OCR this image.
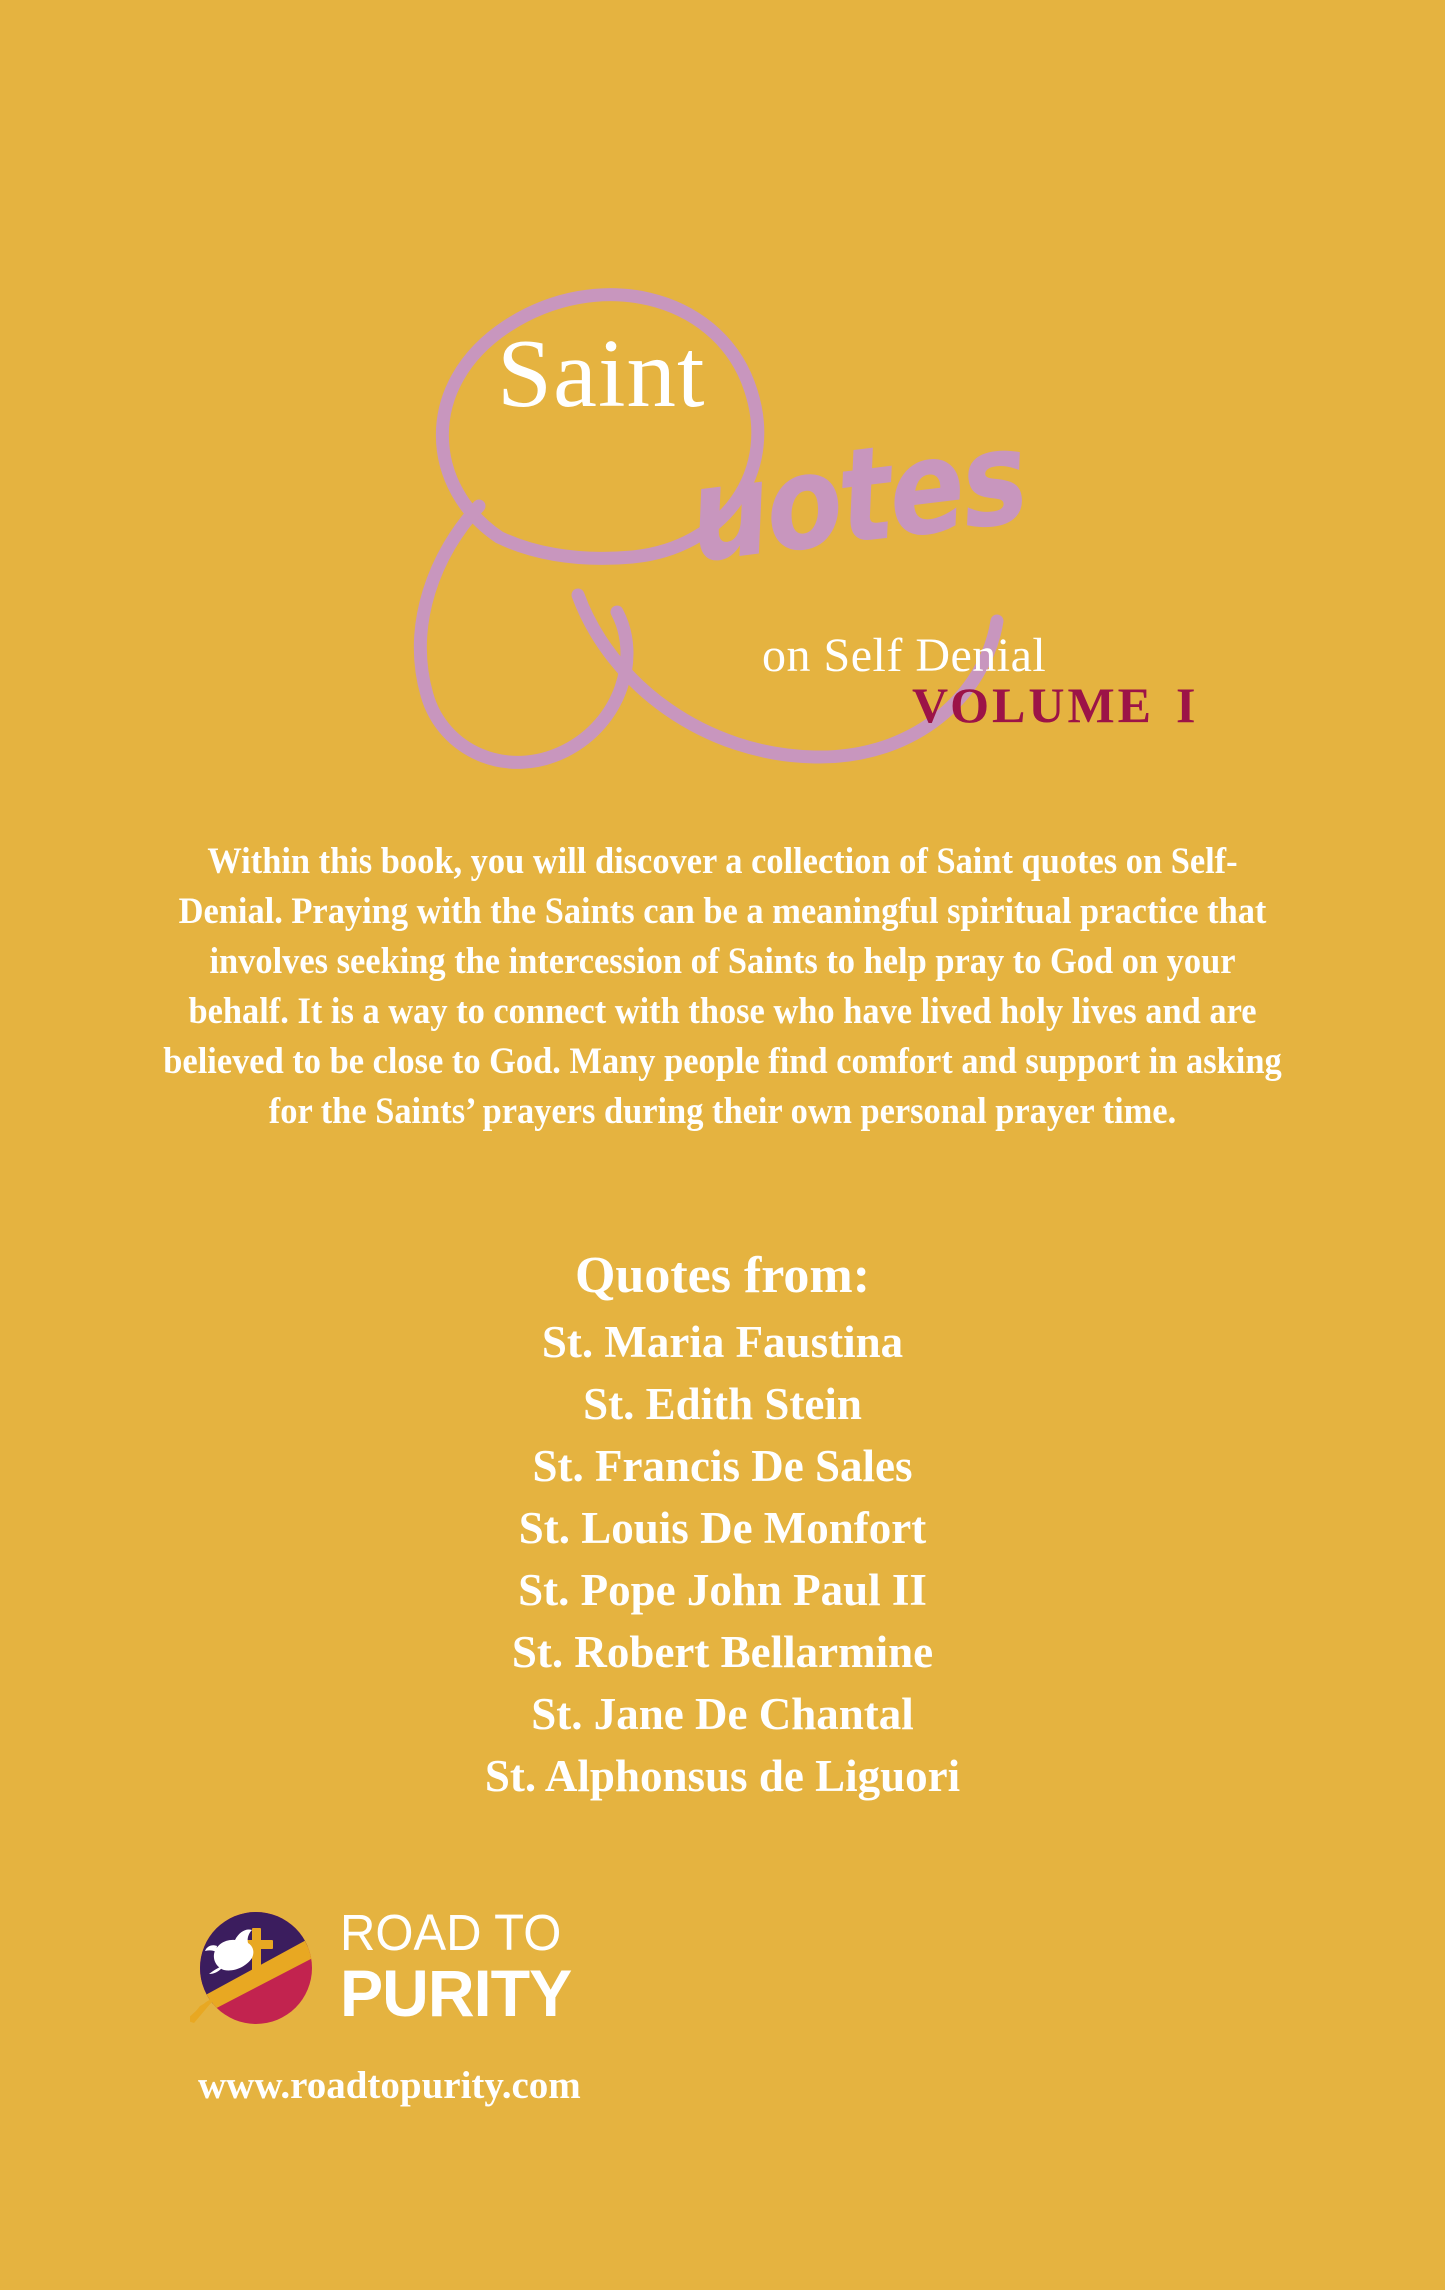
Saint
uotes
on Self Denial
VOLUME I

Within this book, you will discover a collection of Saint quotes on Self-Denial. Praying with the Saints can be a meaningful spiritual practice that involves seeking the intercession of Saints to help pray to God on your behalf. It is a way to connect with those who have lived holy lives and are believed to be close to God. Many people find comfort and support in asking for the Saints’ prayers during their own personal prayer time.

Quotes from:
St. Maria Faustina
St. Edith Stein
St. Francis De Sales
St. Louis De Monfort
St. Pope John Paul II
St. Robert Bellarmine
St. Jane De Chantal
St. Alphonsus de Liguori
ROAD TO
PURITY
www.roadtopurity.com
